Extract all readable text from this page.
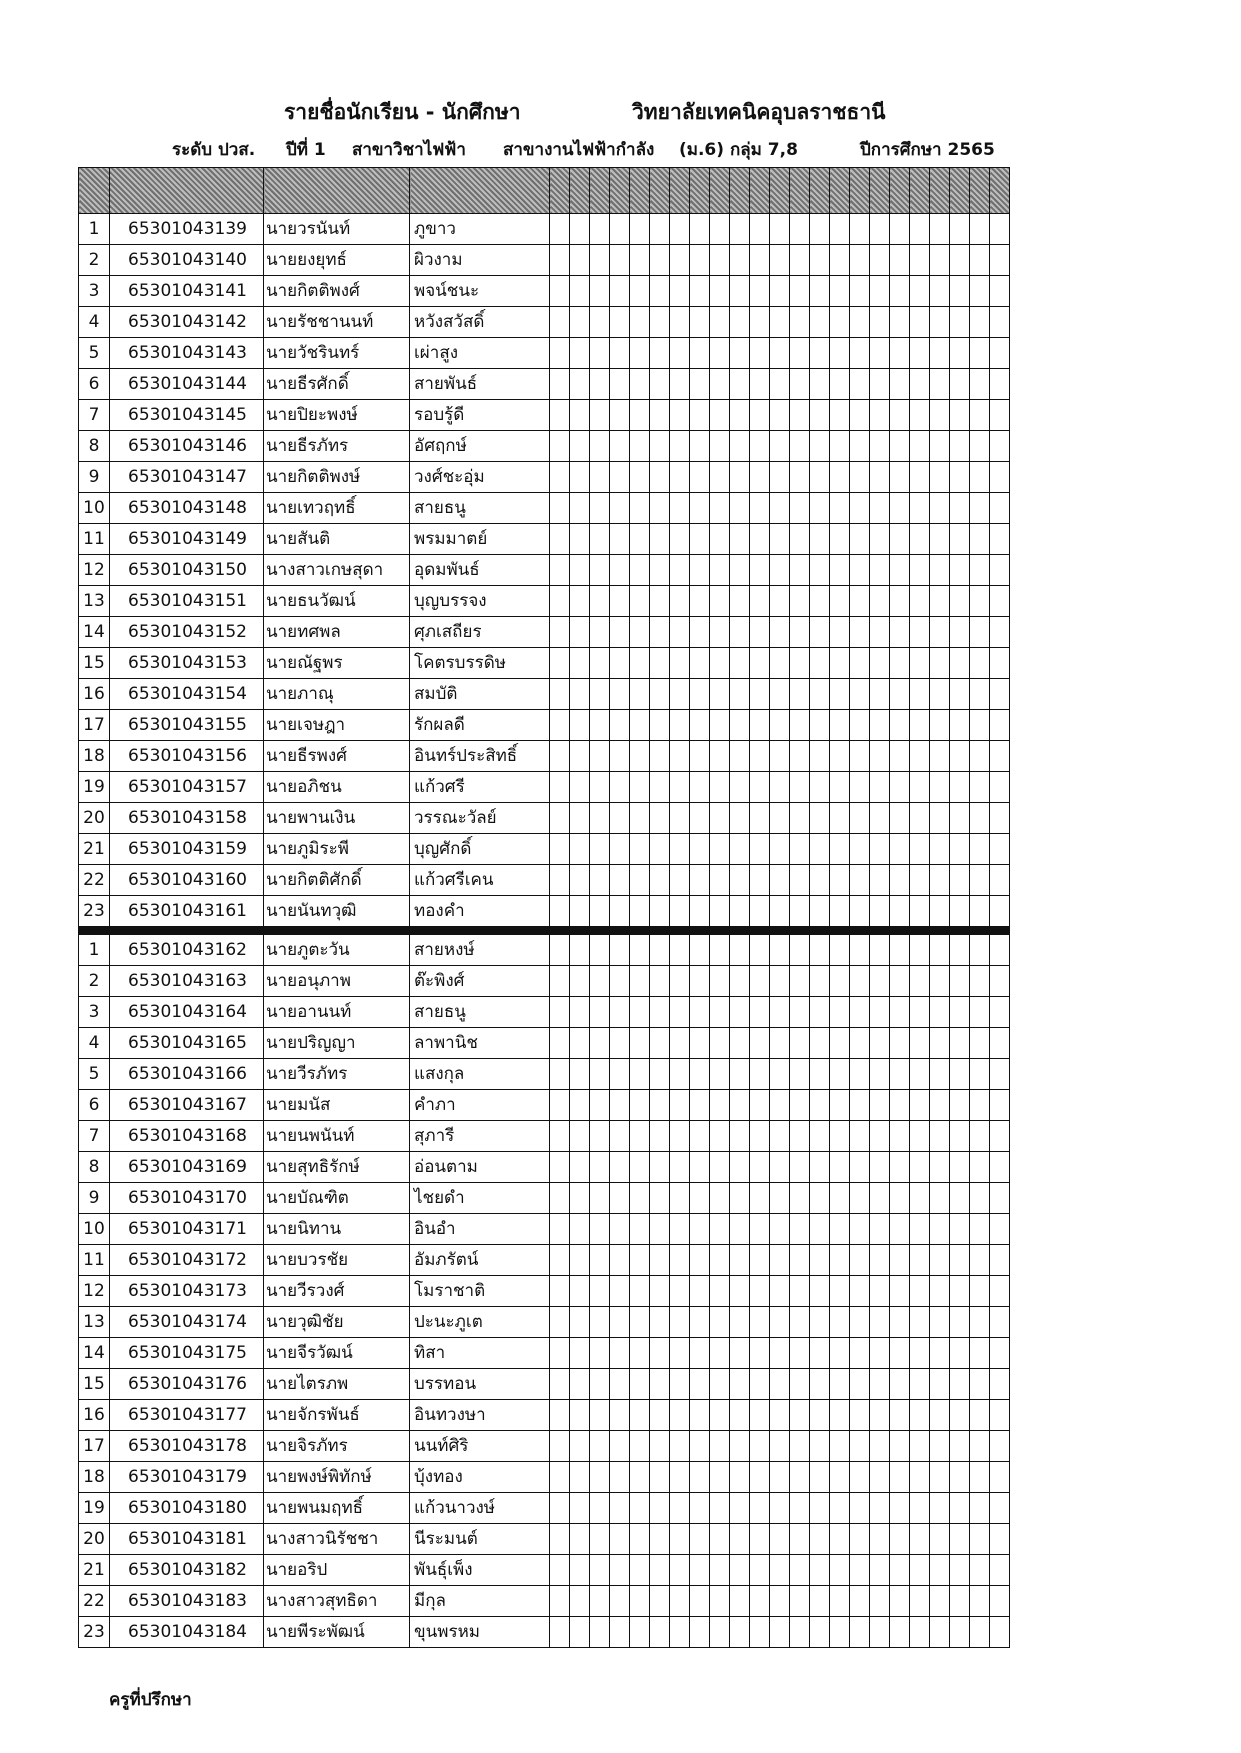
รายชื่อนักเรียน - นักศึกษา	วิทยาลัยเทคนิคอุบลราชธานี
ระดับ ปวส. ปีที่ 1 สาขาวิชาไฟฟ้า สาขางานไฟฟ้ากำลัง (ม.6) กลุ่ม 7,8	ปีการศึกษา 2565

1	65301043139	นายวรนันท์	ภูขาว																							
2	65301043140	นายยงยุทธ์	ผิวงาม																							
3	65301043141	นายกิตติพงศ์	พจน์ชนะ																							
4	65301043142	นายรัชชานนท์	หวังสวัสดิ์																							
5	65301043143	นายวัชรินทร์	เผ่าสูง																							
6	65301043144	นายธีรศักดิ์	สายพันธ์																							
7	65301043145	นายปิยะพงษ์	รอบรู้ดี																							
8	65301043146	นายธีรภัทร	อัศฤกษ์																							
9	65301043147	นายกิตติพงษ์	วงศ์ชะอุ่ม																							
10	65301043148	นายเทวฤทธิ์	สายธนู																							
11	65301043149	นายสันติ	พรมมาตย์																							
12	65301043150	นางสาวเกษสุดา	อุดมพันธ์																							
13	65301043151	นายธนวัฒน์	บุญบรรจง																							
14	65301043152	นายทศพล	ศุภเสถียร																							
15	65301043153	นายณัฐพร	โคตรบรรดิษ																							
16	65301043154	นายภาณุ	สมบัติ																							
17	65301043155	นายเจษฎา	รักผลดี																							
18	65301043156	นายธีรพงศ์	อินทร์ประสิทธิ์																							
19	65301043157	นายอภิชน	แก้วศรี																							
20	65301043158	นายพานเงิน	วรรณะวัลย์																							
21	65301043159	นายภูมิระพี	บุญศักดิ์																							
22	65301043160	นายกิตติศักดิ์	แก้วศรีเคน																							
23	65301043161	นายนันทวุฒิ	ทองคำ																							

1	65301043162	นายภูตะวัน	สายหงษ์																							
2	65301043163	นายอนุภาพ	ต๊ะพิงศ์																							
3	65301043164	นายอานนท์	สายธนู																							
4	65301043165	นายปริญญา	ลาพานิช																							
5	65301043166	นายวีรภัทร	แสงกุล																							
6	65301043167	นายมนัส	คำภา																							
7	65301043168	นายนพนันท์	สุภารี																							
8	65301043169	นายสุทธิรักษ์	อ่อนตาม																							
9	65301043170	นายบัณฑิต	ไชยดำ																							
10	65301043171	นายนิทาน	อินอำ																							
11	65301043172	นายบวรชัย	อัมภรัตน์																							
12	65301043173	นายวีรวงศ์	โมราชาติ																							
13	65301043174	นายวุฒิชัย	ปะนะภูเต																							
14	65301043175	นายจีรวัฒน์	ทิสา																							
15	65301043176	นายไตรภพ	บรรทอน																							
16	65301043177	นายจักรพันธ์	อินทวงษา																							
17	65301043178	นายจิรภัทร	นนท์ศิริ																							
18	65301043179	นายพงษ์พิทักษ์	บุ้งทอง																							
19	65301043180	นายพนมฤทธิ์	แก้วนาวงษ์																							
20	65301043181	นางสาวนิรัชชา	นีระมนต์																							
21	65301043182	นายอริป	พันธุ์เพ็ง																							
22	65301043183	นางสาวสุทธิดา	มีกุล																							
23	65301043184	นายพีระพัฒน์	ขุนพรหม																							
ครูที่ปรึกษา
